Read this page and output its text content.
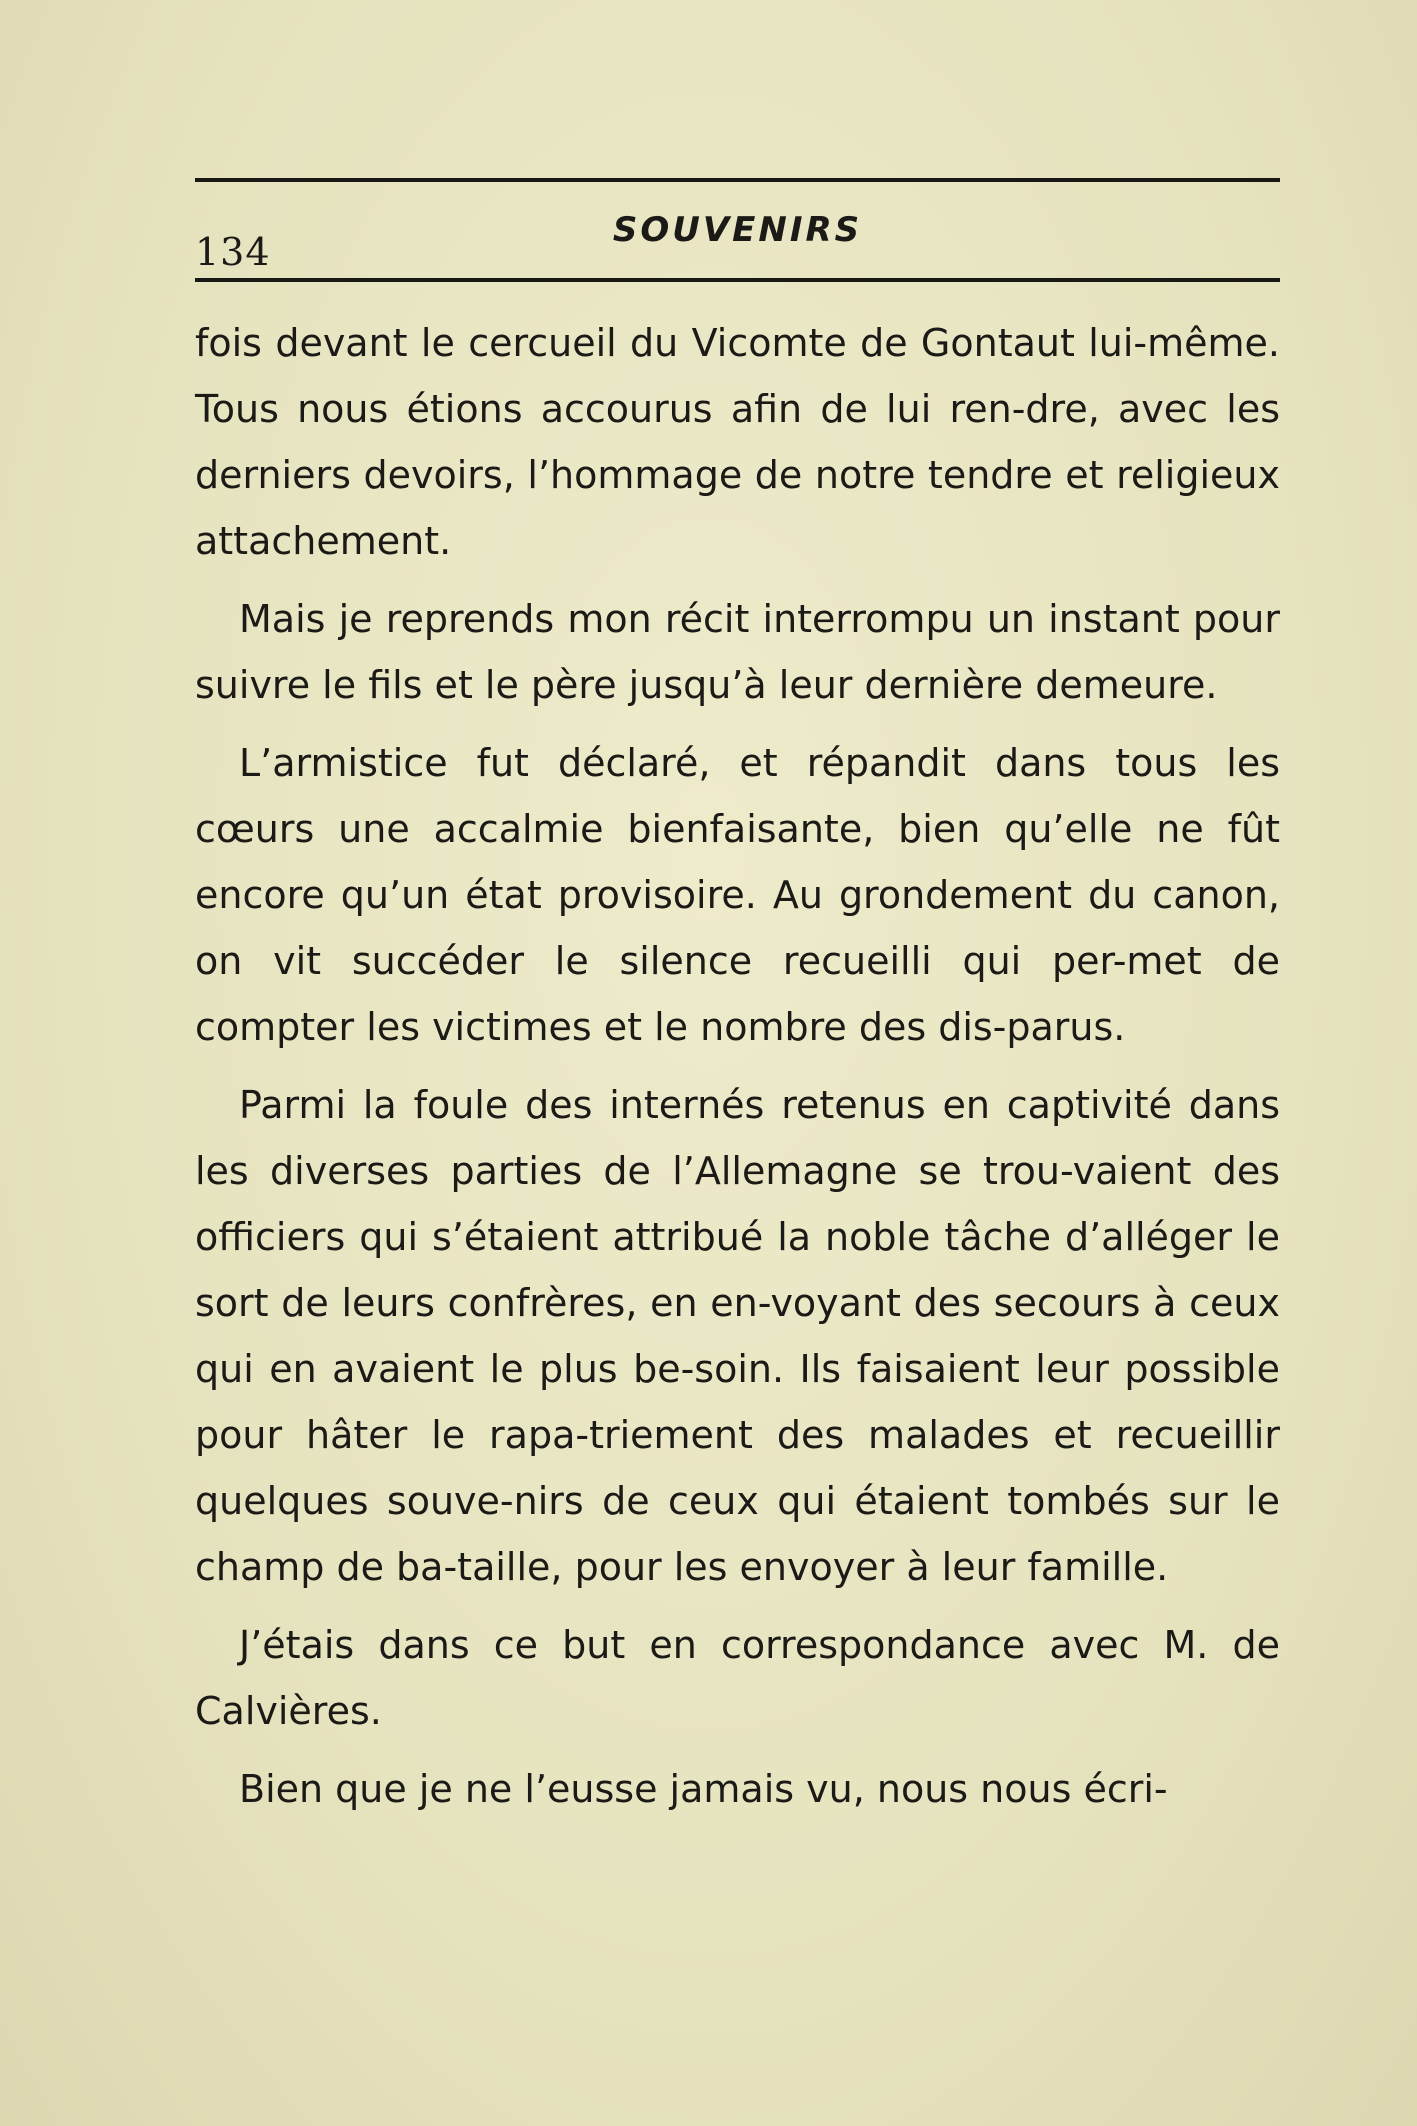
134	SOUVENIRS

fois devant le cercueil du Vicomte de Gontaut lui-même. Tous nous étions accourus afin de lui ren-dre, avec les derniers devoirs, l’hommage de notre tendre et religieux attachement.

Mais je reprends mon récit interrompu un instant pour suivre le fils et le père jusqu’à leur dernière demeure.

L’armistice fut déclaré, et répandit dans tous les cœurs une accalmie bienfaisante, bien qu’elle ne fût encore qu’un état provisoire. Au grondement du canon, on vit succéder le silence recueilli qui per-met de compter les victimes et le nombre des dis-parus.

Parmi la foule des internés retenus en captivité dans les diverses parties de l’Allemagne se trou-vaient des officiers qui s’étaient attribué la noble tâche d’alléger le sort de leurs confrères, en en-voyant des secours à ceux qui en avaient le plus be-soin. Ils faisaient leur possible pour hâter le rapa-triement des malades et recueillir quelques souve-nirs de ceux qui étaient tombés sur le champ de ba-taille, pour les envoyer à leur famille.

J’étais dans ce but en correspondance avec M. de Calvières.

Bien que je ne l’eusse jamais vu, nous nous écri-
